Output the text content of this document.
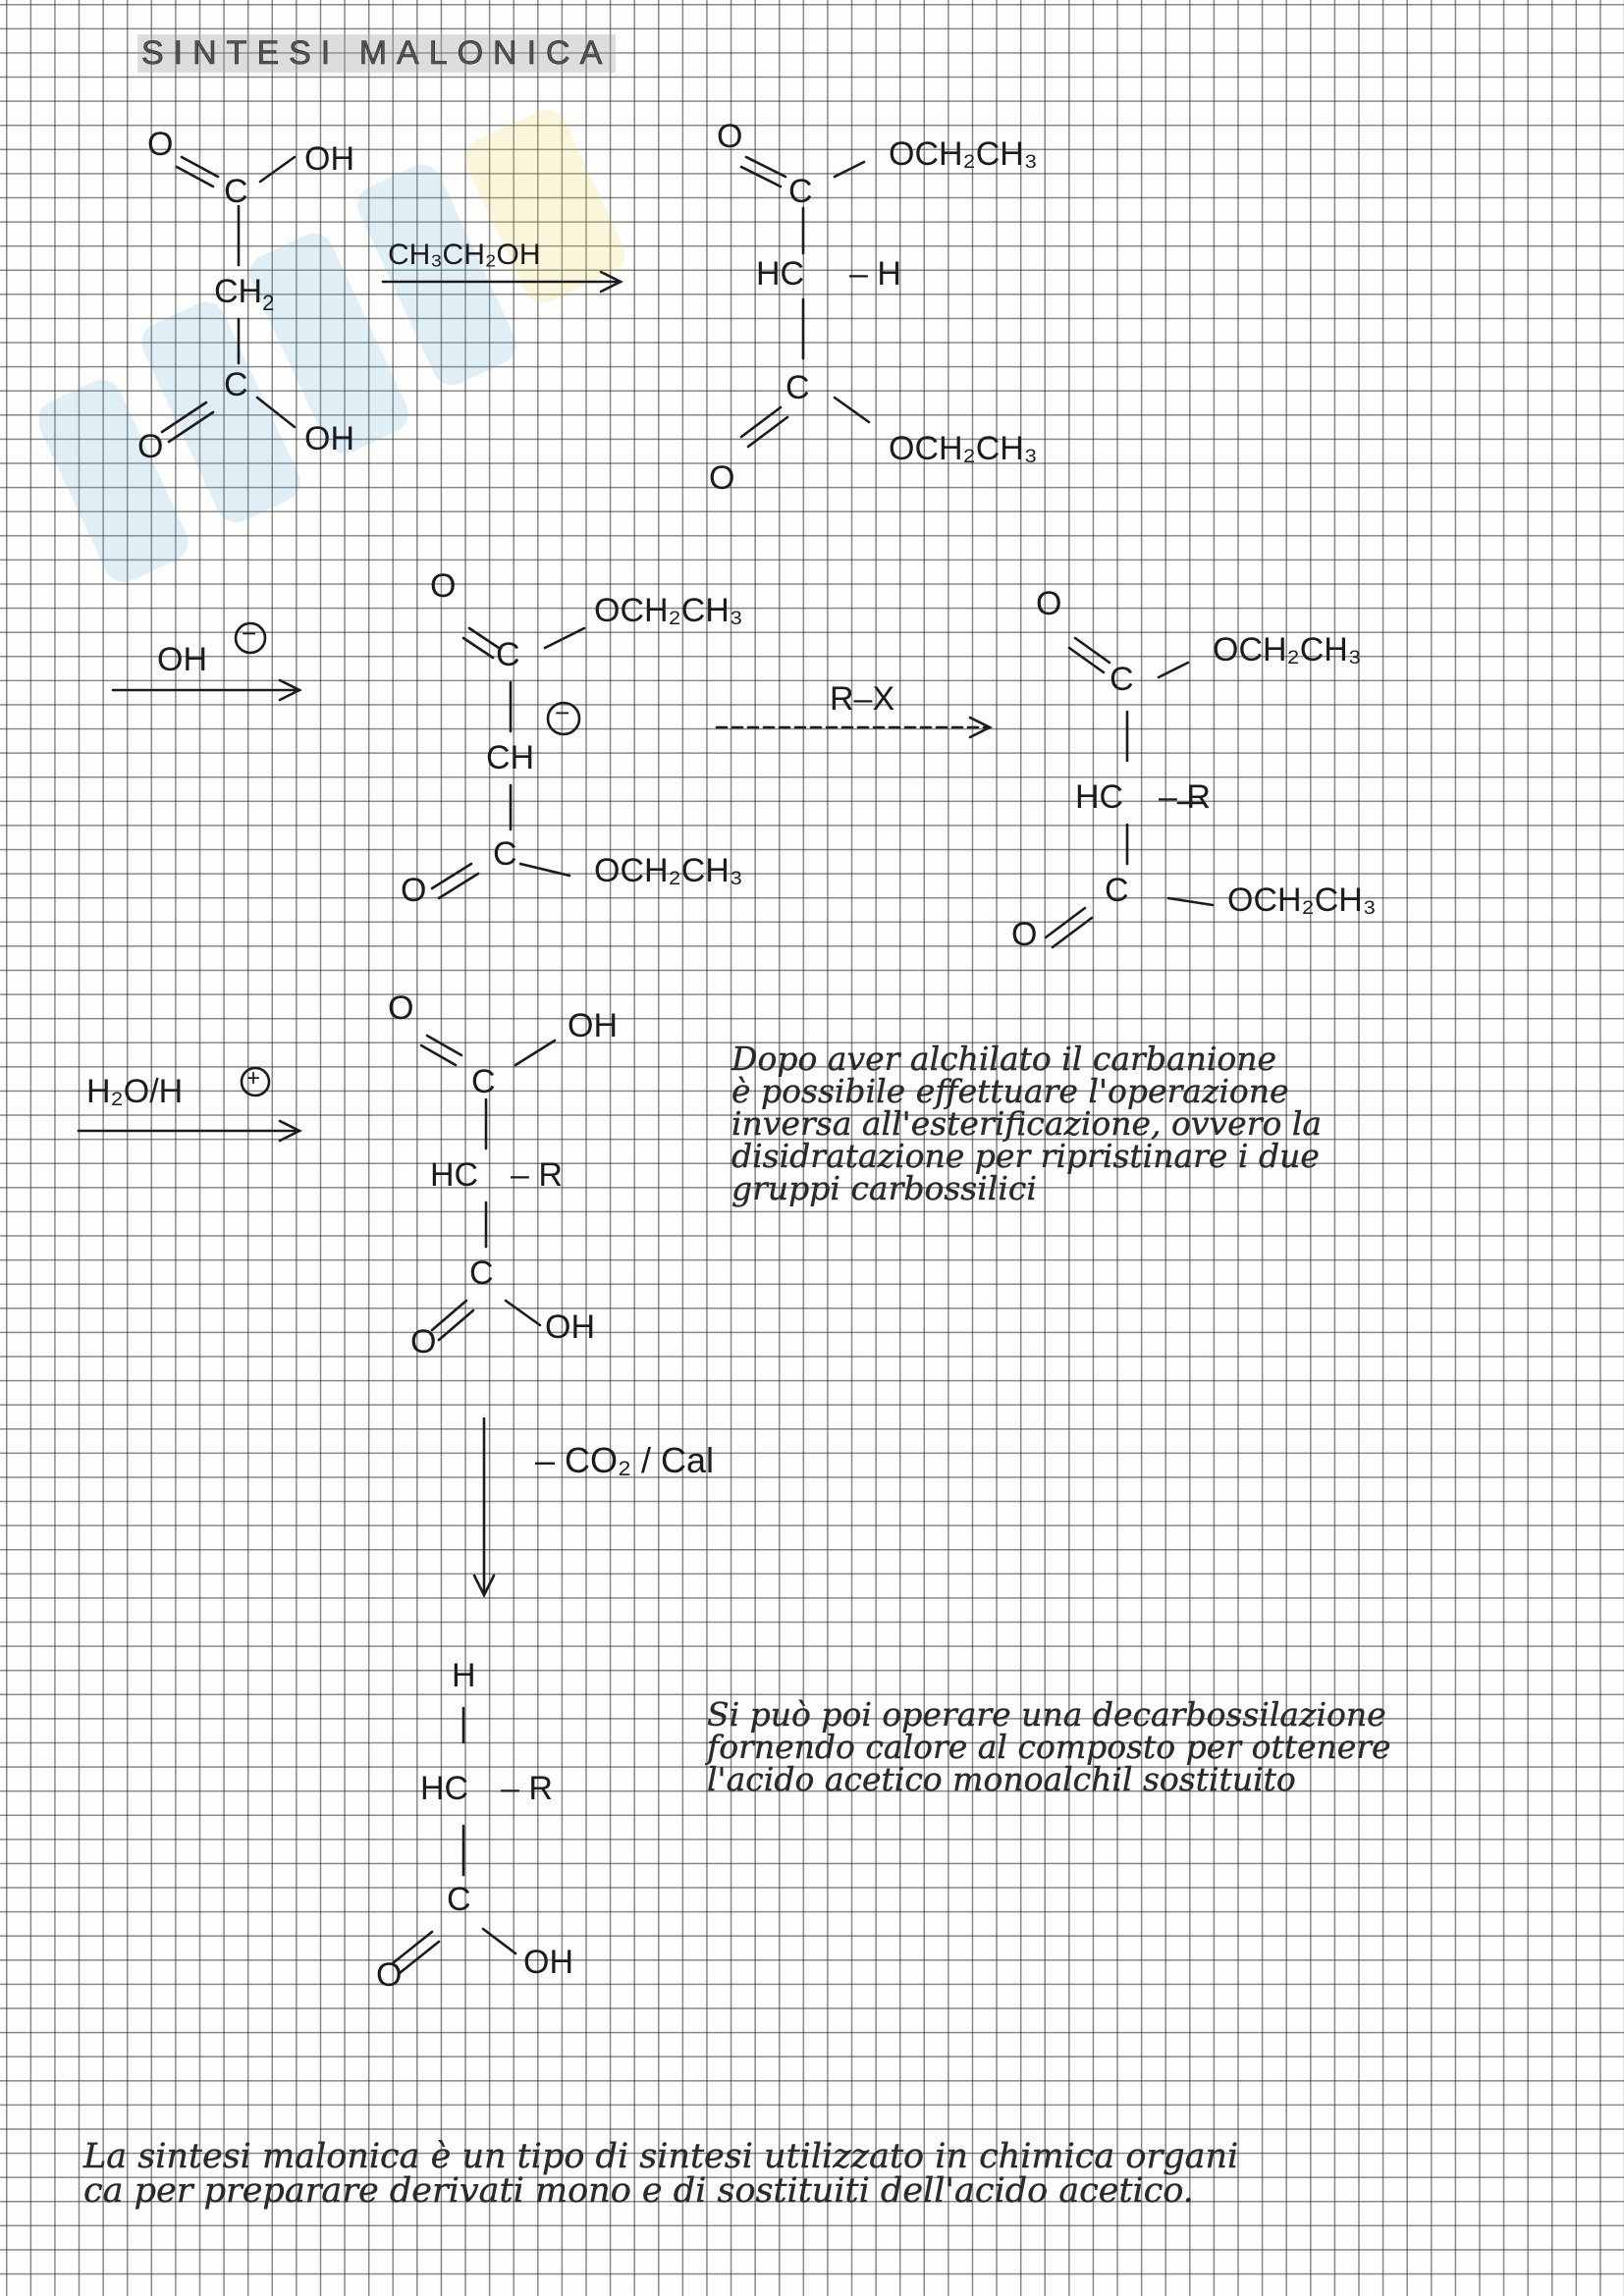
SINTESI MALONICA
O	OH
C
$CH_2$
C
O	OH
CH₃CH₂OH
O	OCH₂CH₃
C
HC – H
C
O
OCH₂CH₃
OH
−
O
OCH₂CH₃
C
CH
−
C
O
OCH₂CH₃
R–X
O
OCH₂CH₃
C
HC – R
C
O
OCH₂CH₃
H₂O/H	+
O	OH
C
HC – R
C
O	OH
Dopo aver alchilato il carbanione
è possibile effettuare l'operazione
inversa all'esterificazione, ovvero la
disidratazione per ripristinare i due
gruppi carbossilici
– CO₂ / Cal
H
HC – R
C
O	OH
Si può poi operare una decarbossilazione
fornendo calore al composto per ottenere
l'acido acetico monoalchil sostituito
La sintesi malonica è un tipo di sintesi utilizzato in chimica organi
ca per preparare derivati mono e di sostituiti dell'acido acetico.
